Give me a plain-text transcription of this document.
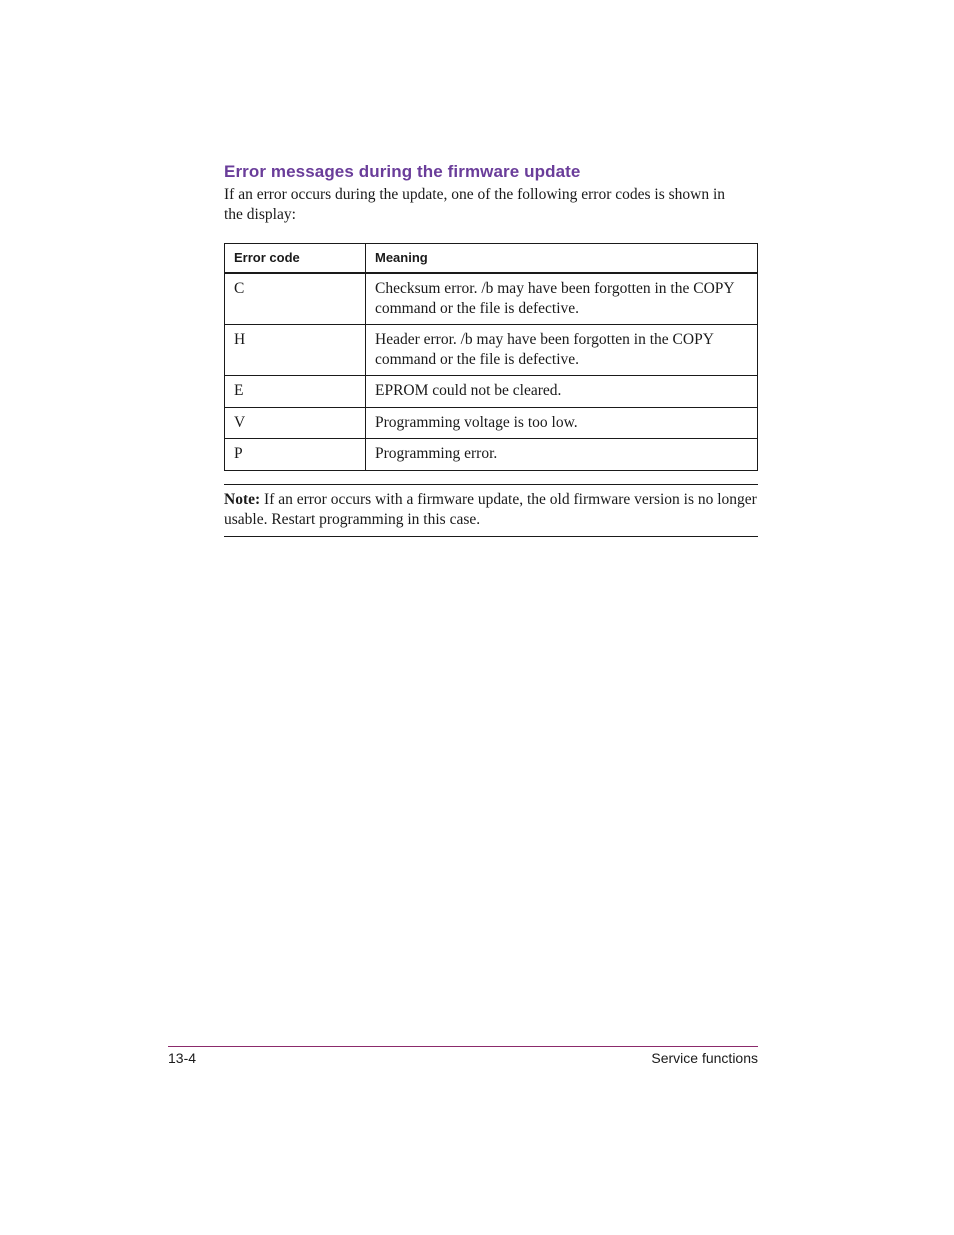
Error messages during the firmware update
If an error occurs during the update, one of the following error codes is shown in the display:
Error code	Meaning
C	Checksum error. /b may have been forgotten in the COPY command or the file is defective.
H	Header error. /b may have been forgotten in the COPY command or the file is defective.
E	EPROM could not be cleared.
V	Programming voltage is too low.
P	Programming error.
Note: If an error occurs with a firmware update, the old firmware version is no longer usable. Restart programming in this case.
13-4	Service functions
